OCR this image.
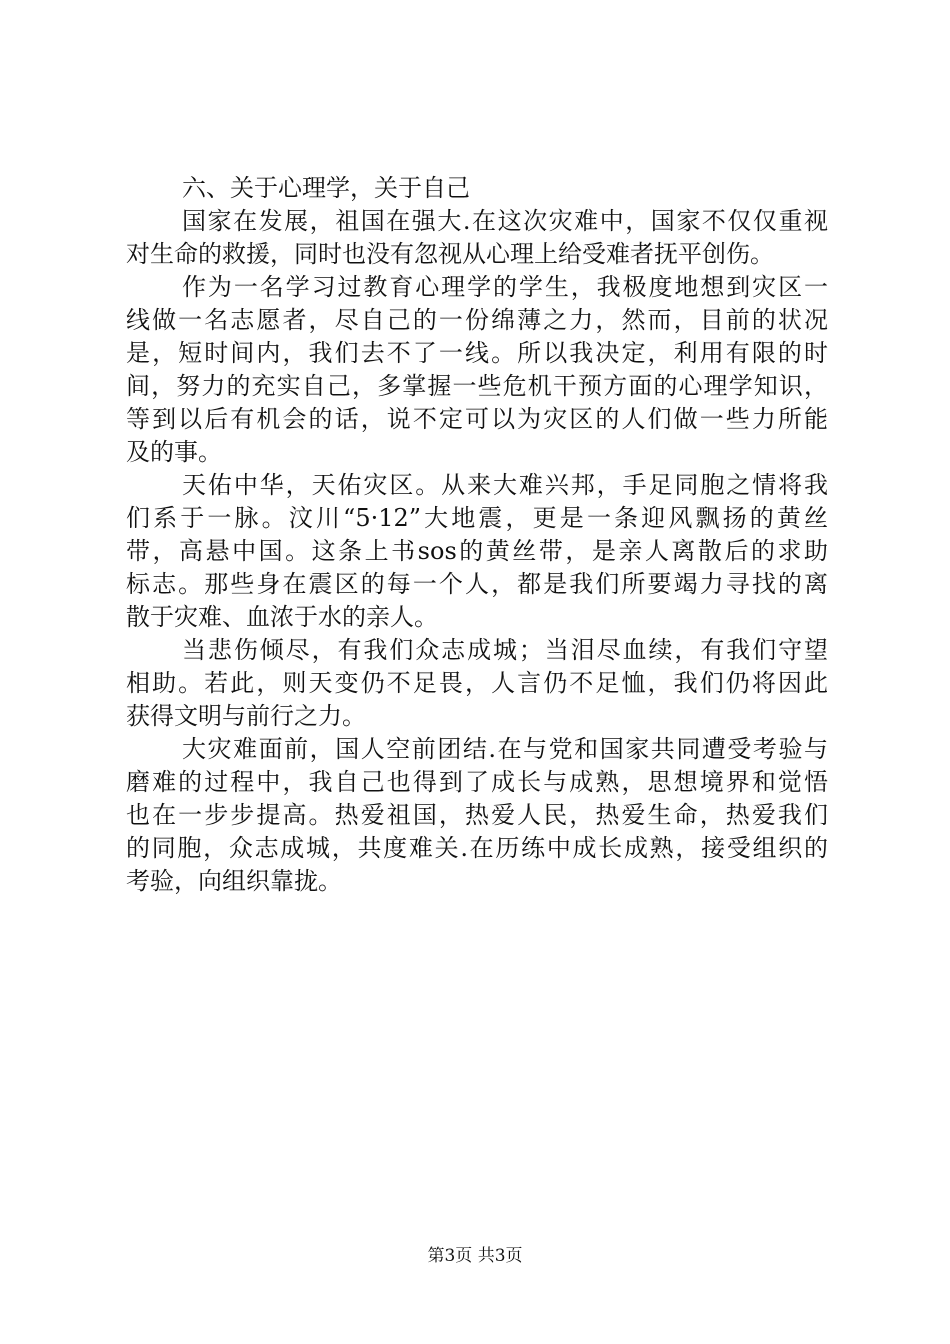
六、关于心理学，关于自己

国家在发展，祖国在强大.在这次灾难中，国家不仅仅重视
对生命的救援，同时也没有忽视从心理上给受难者抚平创伤。

作为一名学习过教育心理学的学生，我极度地想到灾区一
线做一名志愿者，尽自己的一份绵薄之力，然而，目前的状况
是，短时间内，我们去不了一线。所以我决定，利用有限的时
间，努力的充实自己，多掌握一些危机干预方面的心理学知识，
等到以后有机会的话，说不定可以为灾区的人们做一些力所能
及的事。

天佑中华，天佑灾区。从来大难兴邦，手足同胞之情将我
们系于一脉。汶川“5·12”大地震，更是一条迎风飘扬的黄丝
带，高悬中国。这条上书sos的黄丝带，是亲人离散后的求助
标志。那些身在震区的每一个人，都是我们所要竭力寻找的离
散于灾难、血浓于水的亲人。

当悲伤倾尽，有我们众志成城；当泪尽血续，有我们守望
相助。若此，则天变仍不足畏，人言仍不足恤，我们仍将因此
获得文明与前行之力。

大灾难面前，国人空前团结.在与党和国家共同遭受考验与
磨难的过程中，我自己也得到了成长与成熟，思想境界和觉悟
也在一步步提高。热爱祖国，热爱人民，热爱生命，热爱我们
的同胞，众志成城，共度难关.在历练中成长成熟，接受组织的
考验，向组织靠拢。

第3页 共3页
